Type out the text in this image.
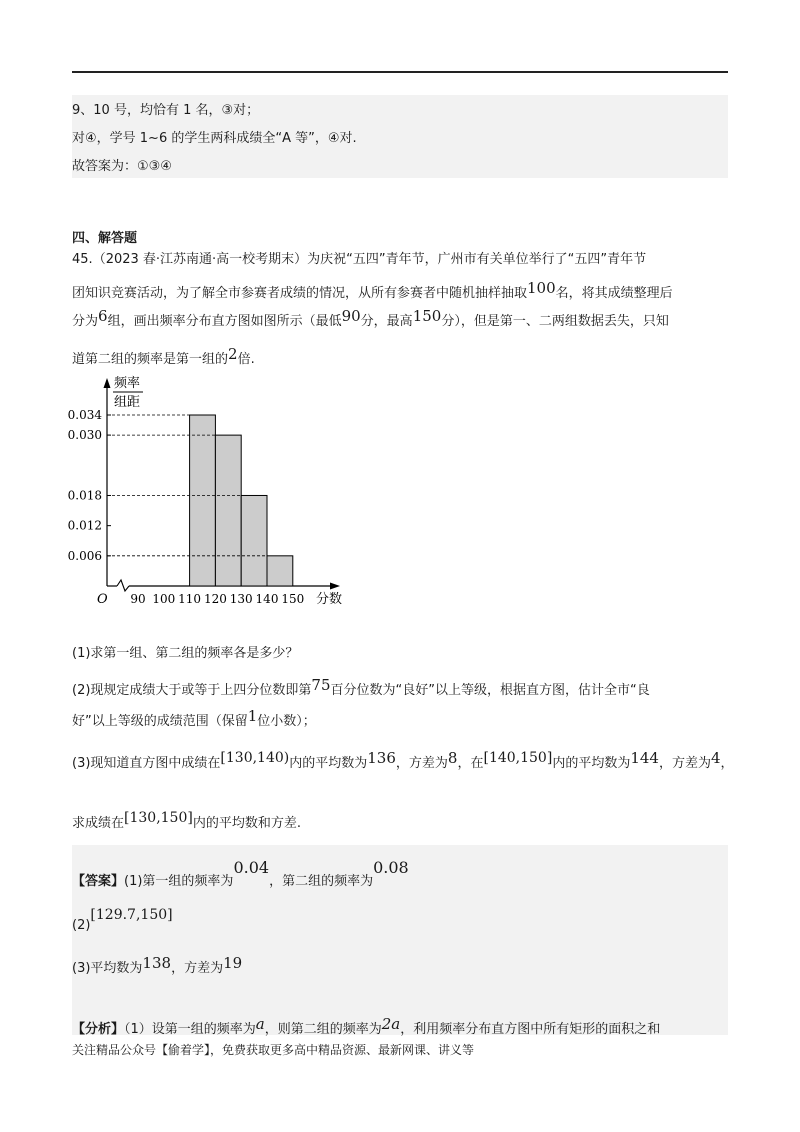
9、10 号，均恰有 1 名，③对；
对④，学号 1~6 的学生两科成绩全“A 等”，④对.
故答案为：①③④
四、解答题
45.（2023 春·江苏南通·高一校考期末）为庆祝“五四”青年节，广州市有关单位举行了“五四”青年节
团知识竞赛活动，为了解全市参赛者成绩的情况，从所有参赛者中随机抽样抽取100名，将其成绩整理后
分为6组，画出频率分布直方图如图所示（最低90分，最高150分），但是第一、二两组数据丢失，只知
道第二组的频率是第一组的2倍.
频率
组距
0.006
0.012
0.018
0.030
0.034
90 100 110 120 130 140 150
O	分数
(1)求第一组、第二组的频率各是多少？
(2)现规定成绩大于或等于上四分位数即第75百分位数为“良好”以上等级，根据直方图，估计全市“良
好”以上等级的成绩范围（保留1位小数）；
(3)现知道直方图中成绩在[130,140)内的平均数为136，方差为8，在[140,150]内的平均数为144，方差为4，
求成绩在[130,150]内的平均数和方差.
【答案】(1)第一组的频率为0.04，第二组的频率为0.08
(2)[129.7,150]
(3)平均数为138，方差为19
【分析】（1）设第一组的频率为a，则第二组的频率为2a，利用频率分布直方图中所有矩形的面积之和
关注精品公众号【偷着学】，免费获取更多高中精品资源、最新网课、讲义等
